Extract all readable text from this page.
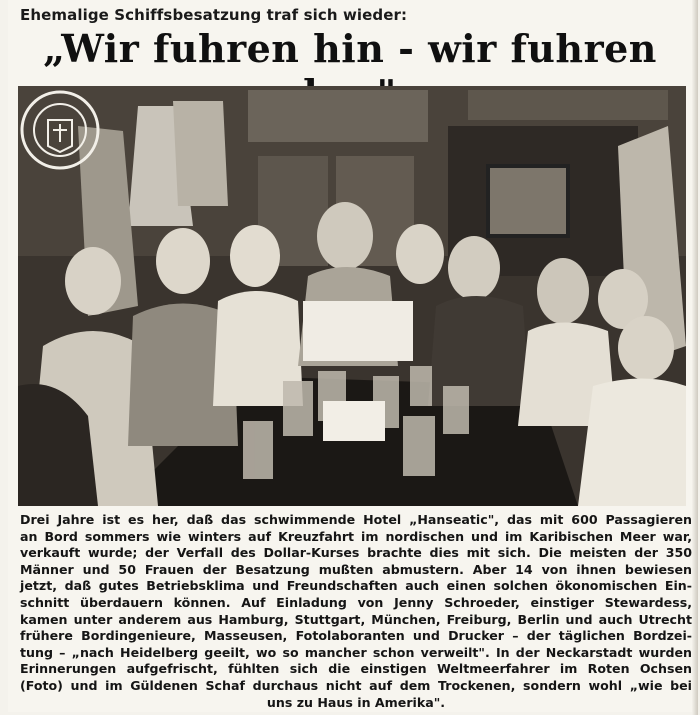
Ehemalige Schiffsbesatzung traf sich wieder:
„Wir fuhren hin - wir fuhren
Drei Jahre ist es her, daß das schwimmende Hotel „Hanseatic", das mit 600 Passagieren
an Bord sommers wie winters auf Kreuzfahrt im nordischen und im Karibischen Meer war,
verkauft wurde; der Verfall des Dollar-Kurses brachte dies mit sich. Die meisten der 350
Männer und 50 Frauen der Besatzung mußten abmustern. Aber 14 von ihnen bewiesen
jetzt, daß gutes Betriebsklima und Freundschaften auch einen solchen ökonomischen Ein-
schnitt überdauern können. Auf Einladung von Jenny Schroeder, einstiger Stewardess,
kamen unter anderem aus Hamburg, Stuttgart, München, Freiburg, Berlin und auch Utrecht
frühere Bordingenieure, Masseusen, Fotolaboranten und Drucker – der täglichen Bordzei-
tung – „nach Heidelberg geeilt, wo so mancher schon verweilt". In der Neckarstadt wurden
Erinnerungen aufgefrischt, fühlten sich die einstigen Weltmeerfahrer im Roten Ochsen
(Foto) und im Güldenen Schaf durchaus nicht auf dem Trockenen, sondern wohl „wie bei
uns zu Haus in Amerika".
